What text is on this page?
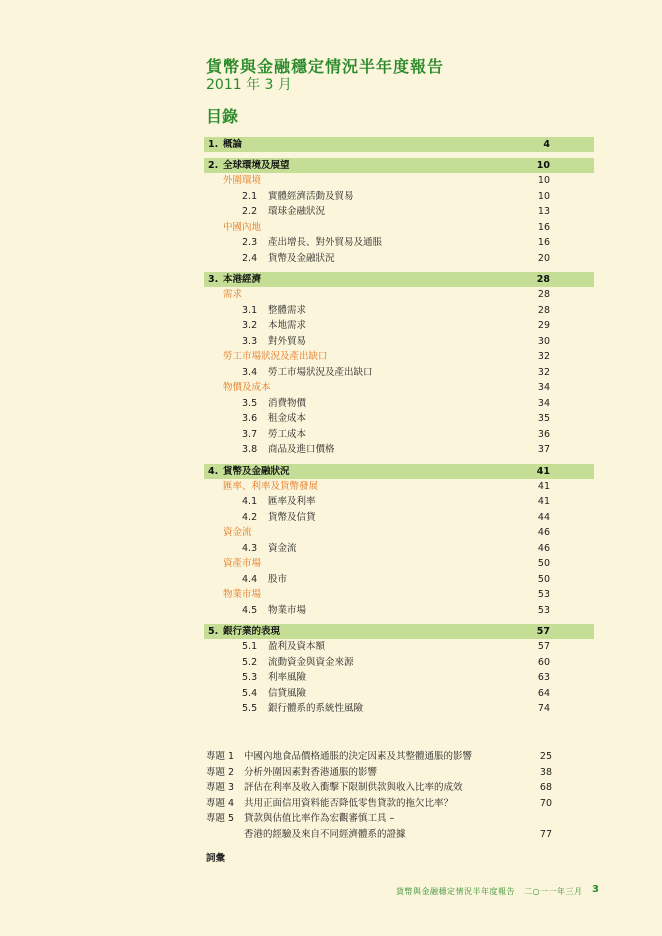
貨幣與金融穩定情況半年度報告
2011 年 3 月
目錄
1. 概論	4
2. 全球環境及展望	10
外圍環境	10
2.1 實體經濟活動及貿易	10
2.2 環球金融狀況	13
中國內地	16
2.3 產出增長、對外貿易及通脹	16
2.4 貨幣及金融狀況	20
3. 本港經濟	28
需求	28
3.1 整體需求	28
3.2 本地需求	29
3.3 對外貿易	30
勞工市場狀況及產出缺口	32
3.4 勞工市場狀況及產出缺口	32
物價及成本	34
3.5 消費物價	34
3.6 租金成本	35
3.7 勞工成本	36
3.8 商品及進口價格	37
4. 貨幣及金融狀況	41
匯率、利率及貨幣發展	41
4.1 匯率及利率	41
4.2 貨幣及信貸	44
資金流	46
4.3 資金流	46
資產市場	50
4.4 股市	50
物業市場	53
4.5 物業市場	53
5. 銀行業的表現	57
5.1 盈利及資本額	57
5.2 流動資金與資金來源	60
5.3 利率風險	63
5.4 信貸風險	64
5.5 銀行體系的系統性風險	74
專題 1 中國內地食品價格通脹的決定因素及其整體通脹的影響	25
專題 2 分析外圍因素對香港通脹的影響	38
專題 3 評估在利率及收入衝擊下限制供款與收入比率的成效	68
專題 4 共用正面信用資料能否降低零售貸款的拖欠比率？	70
專題 5 貸款與估值比率作為宏觀審慎工具 –
香港的經驗及來自不同經濟體系的證據	77
詞彙
貨幣與金融穩定情況半年度報告 二○一一年三月 3
